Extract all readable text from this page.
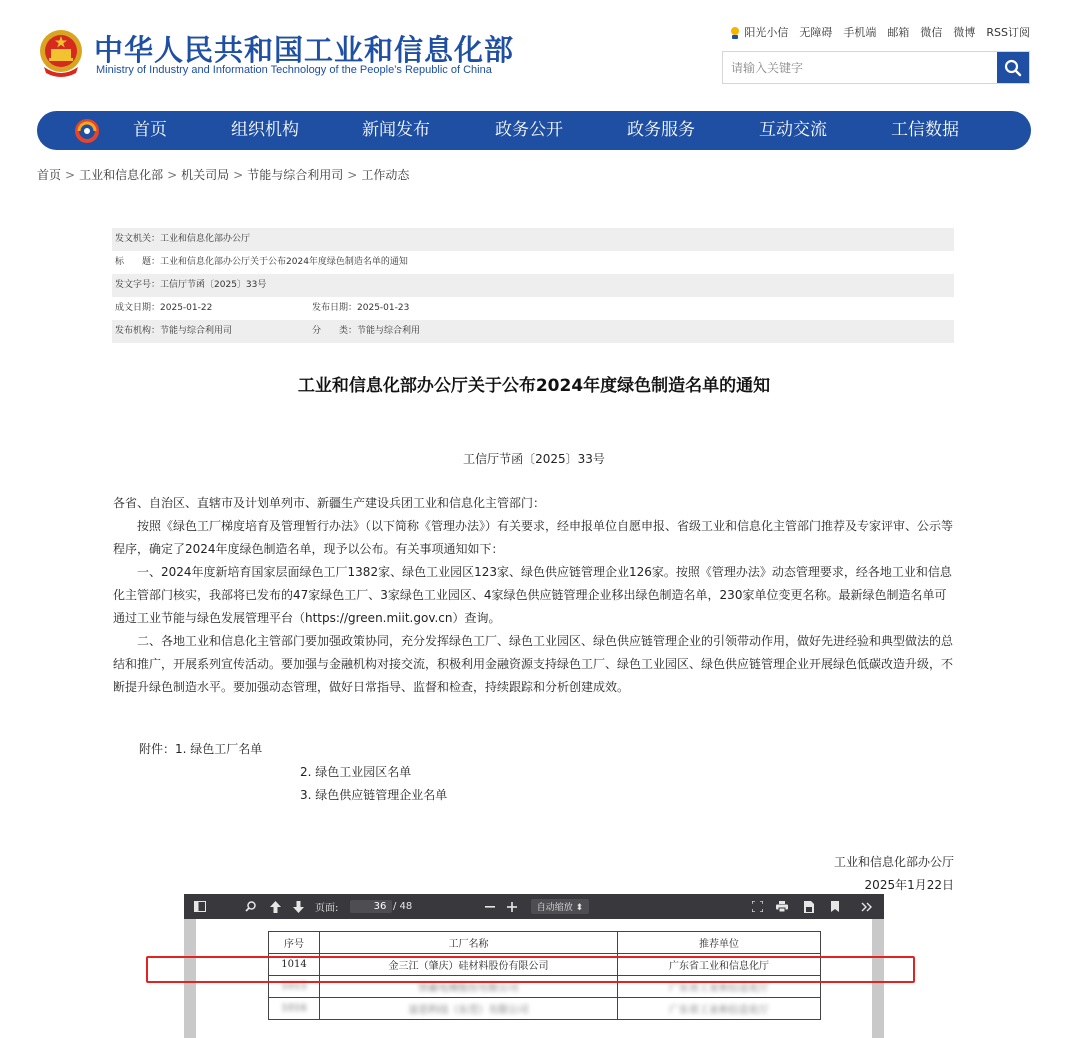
中华人民共和国工业和信息化部
Ministry of Industry and Information Technology of the People’s Republic of China
阳光小信 无障碍 手机端 邮箱 微信 微博 RSS订阅
请输入关键字
首页	组织机构	新闻发布	政务公开	政务服务	互动交流	工信数据
首页 > 工业和信息化部 > 机关司局 > 节能与综合利用司 > 工作动态
发文机关：工业和信息化部办公厅
标　　题：工业和信息化部办公厅关于公布2024年度绿色制造名单的通知
发文字号：工信厅节函〔2025〕33号
成文日期：2025-01-22	发布日期：2025-01-23
发布机构：节能与综合利用司	分　　类：节能与综合利用
工业和信息化部办公厅关于公布2024年度绿色制造名单的通知
工信厅节函〔2025〕33号

各省、自治区、直辖市及计划单列市、新疆生产建设兵团工业和信息化主管部门：

按照《绿色工厂梯度培育及管理暂行办法》（以下简称《管理办法》）有关要求，经申报单位自愿申报、省级工业和信息化主管部门推荐及专家评审、公示等程序，确定了2024年度绿色制造名单，现予以公布。有关事项通知如下：

一、2024年度新培育国家层面绿色工厂1382家、绿色工业园区123家、绿色供应链管理企业126家。按照《管理办法》动态管理要求，经各地工业和信息化主管部门核实，我部将已发布的47家绿色工厂、3家绿色工业园区、4家绿色供应链管理企业移出绿色制造名单，230家单位变更名称。最新绿色制造名单可通过工业节能与绿色发展管理平台（https://green.miit.gov.cn）查询。

二、各地工业和信息化主管部门要加强政策协同，充分发挥绿色工厂、绿色工业园区、绿色供应链管理企业的引领带动作用，做好先进经验和典型做法的总结和推广，开展系列宣传活动。要加强与金融机构对接交流，积极利用金融资源支持绿色工厂、绿色工业园区、绿色供应链管理企业开展绿色低碳改造升级，不断提升绿色制造水平。要加强动态管理，做好日常指导、监督和检查，持续跟踪和分析创建成效。

附件：1. 绿色工厂名单
2. 绿色工业园区名单
3. 绿色供应链管理企业名单
工业和信息化部办公厅
2025年1月22日
页面:	36 / 48	自动缩放 ⬍
序号	工厂名称	推荐单位
1014	金三江（肇庆）硅材料股份有限公司	广东省工业和信息化厅
1015	快霸电梯股份有限公司	广东省工业和信息化厅
1016	富思科技（东莞）有限公司	广东省工业和信息化厅
